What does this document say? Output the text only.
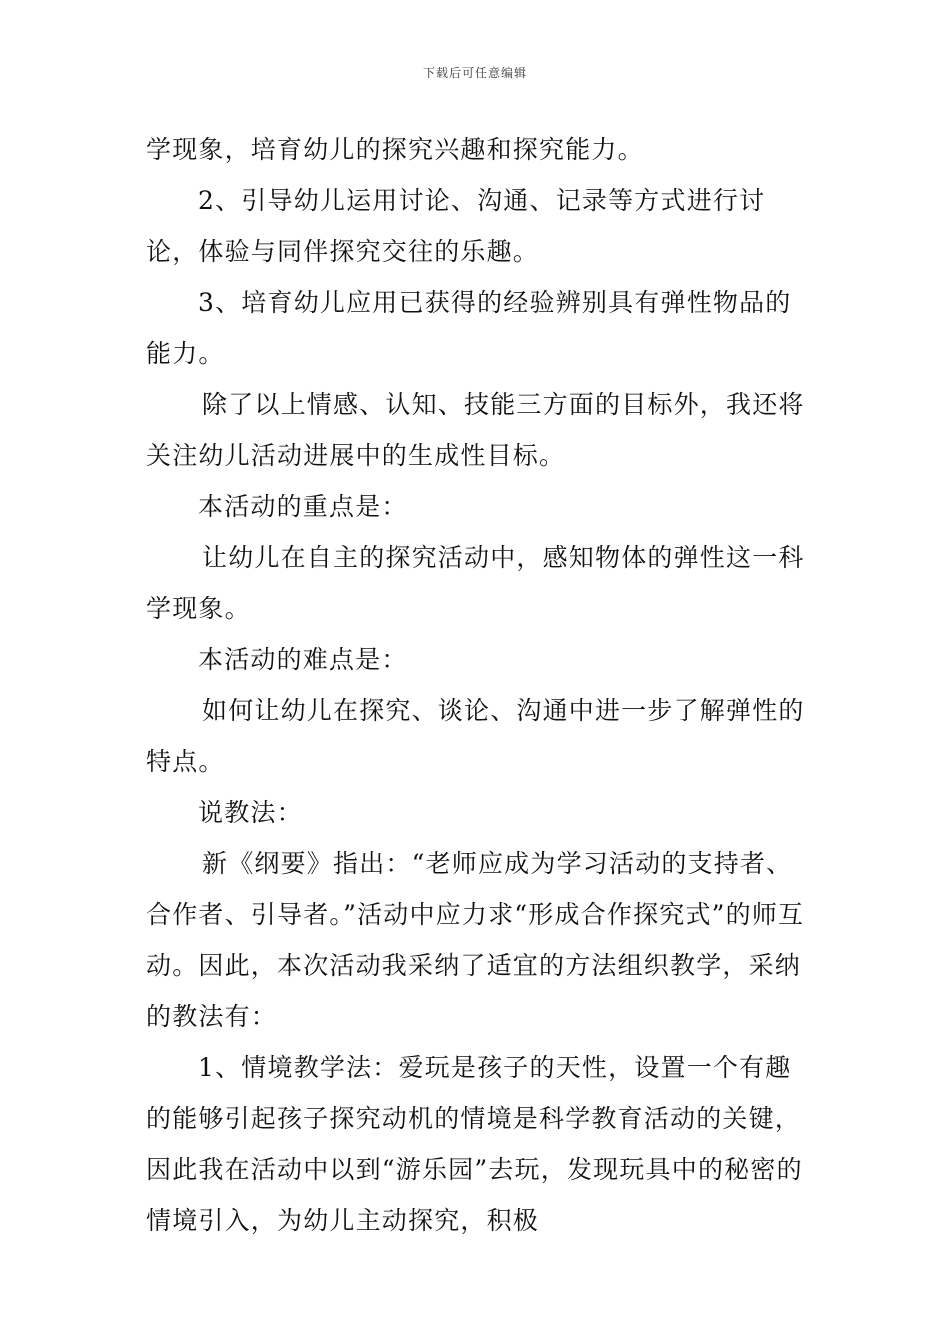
下载后可任意编辑

学现象，培育幼儿的探究兴趣和探究能力。

2、引导幼儿运用讨论、沟通、记录等方式进行讨论，体验与同伴探究交往的乐趣。

3、培育幼儿应用已获得的经验辨别具有弹性物品的能力。

除了以上情感、认知、技能三方面的目标外，我还将关注幼儿活动进展中的生成性目标。

本活动的重点是：

让幼儿在自主的探究活动中，感知物体的弹性这一科学现象。

本活动的难点是：

如何让幼儿在探究、谈论、沟通中进一步了解弹性的特点。

说教法：

新《纲要》指出：“老师应成为学习活动的支持者、合作者、引导者。”活动中应力求“形成合作探究式”的师互动。因此，本次活动我采纳了适宜的方法组织教学，采纳的教法有：

1、情境教学法：爱玩是孩子的天性，设置一个有趣的能够引起孩子探究动机的情境是科学教育活动的关键，因此我在活动中以到“游乐园”去玩，发现玩具中的秘密的情境引入，为幼儿主动探究，积极
